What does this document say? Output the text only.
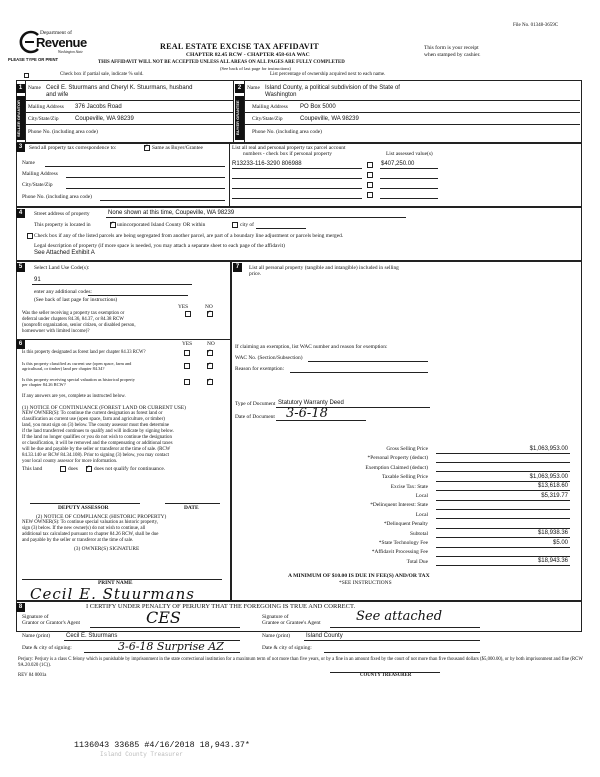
File No. 01348-3659C
Department of
Revenue
Washington State
PLEASE TYPE OR PRINT
REAL ESTATE EXCISE TAX AFFIDAVIT
CHAPTER 82.45 RCW - CHAPTER 458-61A WAC
This form is your receipt
when stamped by cashier.
THIS AFFIDAVIT WILL NOT BE ACCEPTED UNLESS ALL AREAS ON ALL PAGES ARE FULLY COMPLETED
(See back of last page for instructions)
Check box if partial sale, indicate % sold.	List percentage of ownership acquired next to each name.
1
SELLER GRANTOR
Name Cecil E. Stuurmans and Cheryl K. Stuurmans, husband
and wife
Mailing Address 376 Jacobs Road
City/State/Zip	Coupeville, WA 98239
Phone No. (including area code)
2
BUYER GRANTEE
Name Island County, a political subdivision of the State of
Washington
Mailing Address PO Box 5000
City/State/Zip	Coupeville, WA 98239
Phone No. (including area code)
3	Send all property tax correspondence to:	✓ Same as Buyer/Grantee
Name
Mailing Address
City/State/Zip
Phone No. (including area code)
List all real and personal property tax parcel account
numbers - check box if personal property	List assessed value(s)
R13233-116-3290 806988	$407,250.00
4	Street address of property	None shown at this time, Coupeville, WA 98239
This property is located in	✓ unincorporated Island County OR within	city of
Check box if any of the listed parcels are being segregated from another parcel, are part of a boundary line adjustment or parcels being merged.
Legal description of property (if more space is needed, you may attach a separate sheet to each page of the affidavit)
See Attached Exhibit A
5	Select Land Use Code(s):
91
enter any additional codes:
(See back of last page for instructions)
YES	NO
Was the seller receiving a property tax exemption or
deferral under chapters 84.36, 84.37, or 84.38 RCW
(nonprofit organization, senior citizen, or disabled person,
homeowner with limited income)?
✓
6	YES	NO
Is this property designated as forest land per chapter 84.33 RCW?	✓
Is this property classified as current use (open space, farm and
agricultural, or timber) land per chapter 84.34?
✓
Is this property receiving special valuation as historical property
per chapter 84.26 RCW?
✓
If any answers are yes, complete as instructed below.
(1) NOTICE OF CONTINUANCE (FOREST LAND OR CURRENT USE)
NEW OWNER(S): To continue the current designation as forest land or
classification as current use (open space, farm and agriculture, or timber)
land, you must sign on (3) below. The county assessor must then determine
if the land transferred continues to qualify and will indicate by signing below.
If the land no longer qualifies or you do not wish to continue the designation
or classification, it will be removed and the compensating or additional taxes
will be due and payable by the seller or transferor at the time of sale. (RCW
84.33.140 or RCW 84.34.108). Prior to signing (3) below, you may contact
your local county assessor for more information.
This land	does ✓ does not qualify for continuance.
DEPUTY ASSESSOR	DATE
(2) NOTICE OF COMPLIANCE (HISTORIC PROPERTY)
NEW OWNER(S): To continue special valuation as historic property,
sign (3) below. If the new owner(s) do not wish to continue, all
additional tax calculated pursuant to chapter 84.26 RCW, shall be due
and payable by the seller or transferor at the time of sale.
(3) OWNER(S) SIGNATURE
PRINT NAME
Cecil E. Stuurmans
7	List all personal property (tangible and intangible) included in selling
price.
If claiming an exemption, list WAC number and reason for exemption:
WAC No. (Section/Subsection)
Reason for exemption:
Type of Document Statutory Warranty Deed
Date of Document 3-6-18
Gross Selling Price	$1,063,953.00
*Personal Property (deduct)
Exemption Claimed (deduct)
Taxable Selling Price	$1,063,953.00
Excise Tax: State	$13,618.60
Local	$5,319.77
*Delinquent Interest: State
Local
*Delinquent Penalty
Subtotal	$18,938.36
*State Technology Fee	$5.00
*Affidavit Processing Fee
Total Due	$18,943.36
A MINIMUM OF $10.00 IS DUE IN FEE(S) AND/OR TAX
*SEE INSTRUCTIONS
8	I CERTIFY UNDER PENALTY OF PERJURY THAT THE FOREGOING IS TRUE AND CORRECT.
Signature of
Grantor or Grantor's Agent	CES
Name (print)	Cecil E. Stuurmans
Date & city of signing:	3-6-18 Surprise AZ
Signature of
Grantee or Grantee's Agent	See attached
Name (print)	Island County
Date & city of signing:
Perjury: Perjury is a class C felony which is punishable by imprisonment in the state correctional institution for a maximum term of not more than five years, or by a fine in an amount fixed by the court of not more than five thousand dollars ($5,000.00), or by both imprisonment and fine (RCW 9A.20.020 (1C)).
REV 84 0001a	COUNTY TREASURER
1136043 33685 #4/16/2018 18,943.37*
Island County Treasurer
